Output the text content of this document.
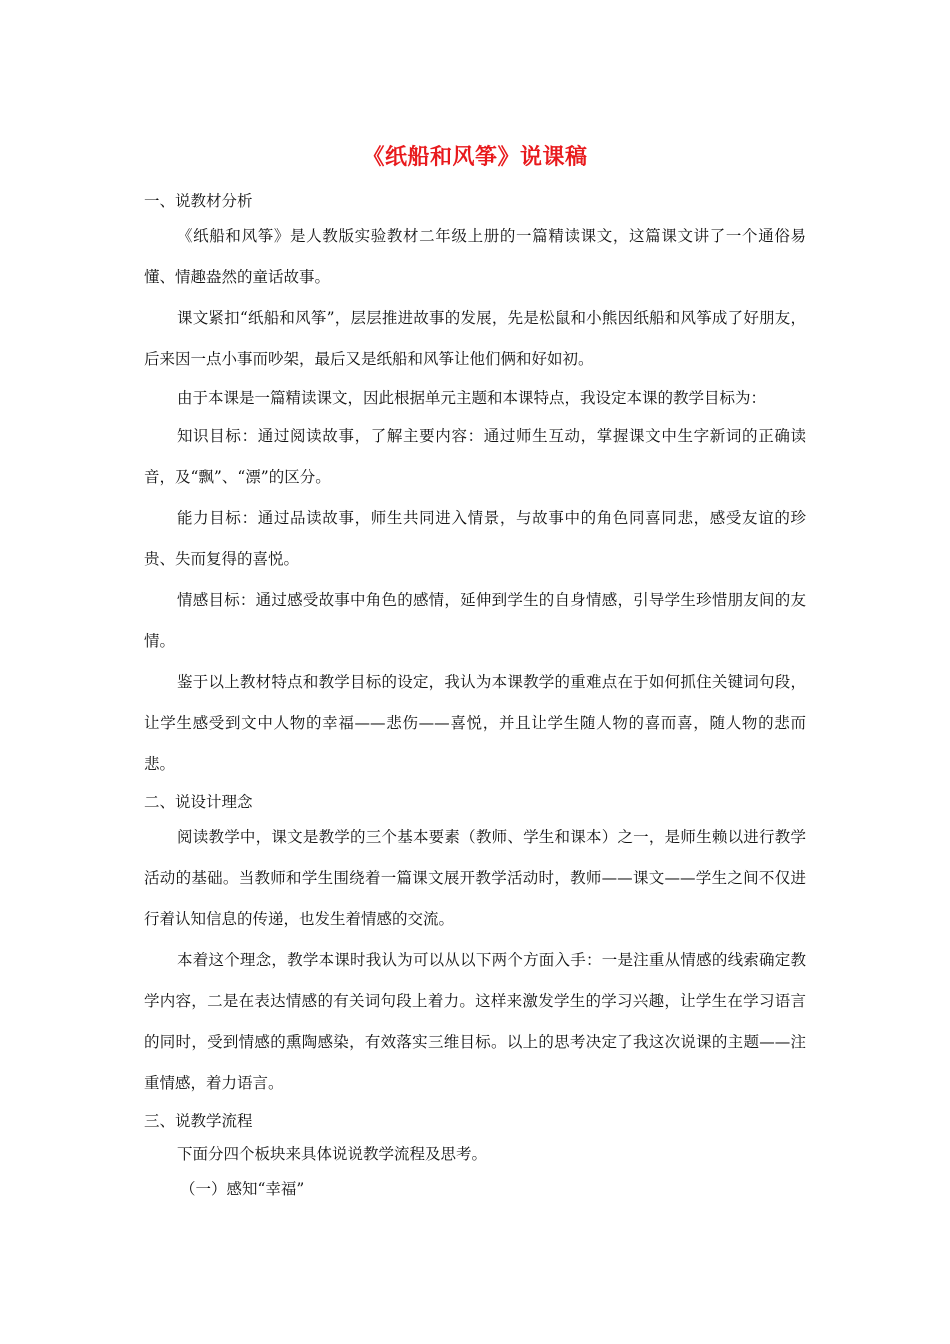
《纸船和风筝》说课稿

一、说教材分析

《纸船和风筝》是人教版实验教材二年级上册的一篇精读课文，这篇课文讲了一个通俗易懂、情趣盎然的童话故事。

课文紧扣“纸船和风筝”，层层推进故事的发展，先是松鼠和小熊因纸船和风筝成了好朋友，后来因一点小事而吵架，最后又是纸船和风筝让他们俩和好如初。

由于本课是一篇精读课文，因此根据单元主题和本课特点，我设定本课的教学目标为：

知识目标：通过阅读故事，了解主要内容：通过师生互动，掌握课文中生字新词的正确读音，及“飘”、“漂”的区分。

能力目标：通过品读故事，师生共同进入情景，与故事中的角色同喜同悲，感受友谊的珍贵、失而复得的喜悦。

情感目标：通过感受故事中角色的感情，延伸到学生的自身情感，引导学生珍惜朋友间的友情。

鉴于以上教材特点和教学目标的设定，我认为本课教学的重难点在于如何抓住关键词句段，让学生感受到文中人物的幸福——悲伤——喜悦，并且让学生随人物的喜而喜，随人物的悲而悲。

二、说设计理念

阅读教学中，课文是教学的三个基本要素（教师、学生和课本）之一，是师生赖以进行教学活动的基础。当教师和学生围绕着一篇课文展开教学活动时，教师——课文——学生之间不仅进行着认知信息的传递，也发生着情感的交流。

本着这个理念，教学本课时我认为可以从以下两个方面入手：一是注重从情感的线索确定教学内容，二是在表达情感的有关词句段上着力。这样来激发学生的学习兴趣，让学生在学习语言的同时，受到情感的熏陶感染，有效落实三维目标。以上的思考决定了我这次说课的主题——注重情感，着力语言。

三、说教学流程

下面分四个板块来具体说说教学流程及思考。

（一）感知“幸福”
